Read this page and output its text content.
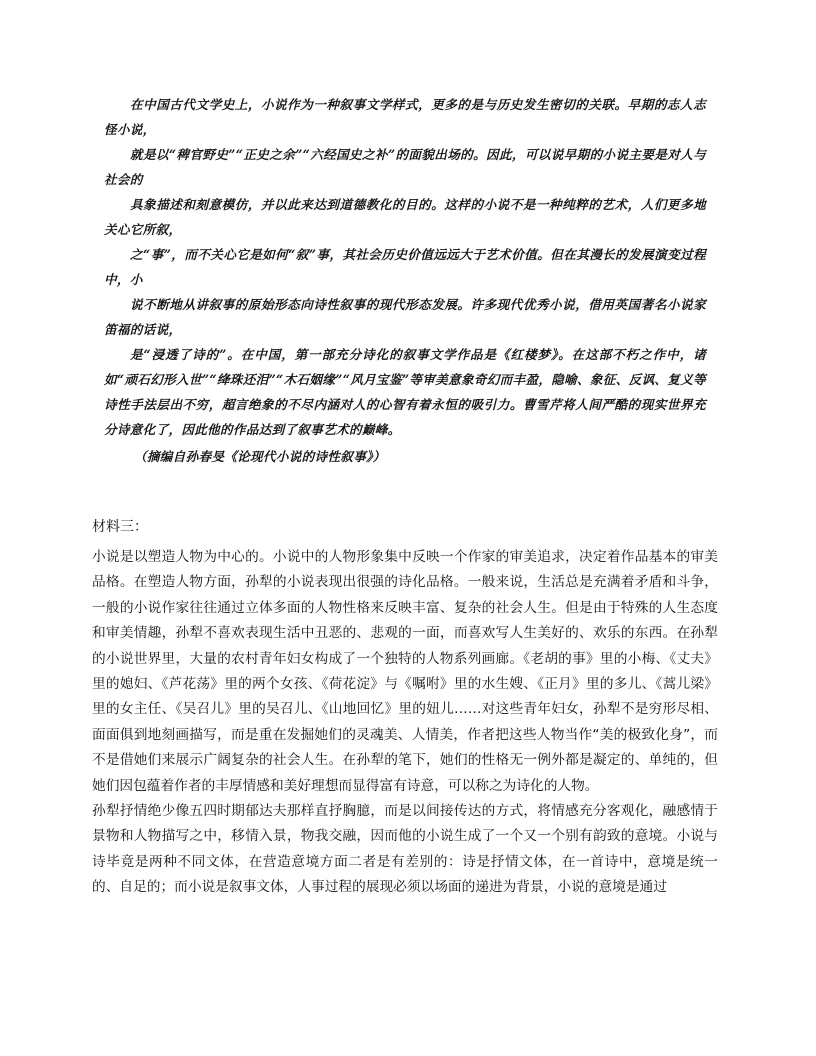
在中国古代文学史上，小说作为一种叙事文学样式，更多的是与历史发生密切的关联。早期的志人志怪小说，

就是以“稗官野史”“正史之余”“六经国史之补”的面貌出场的。因此，可以说早期的小说主要是对人与社会的

具象描述和刻意模仿，并以此来达到道德教化的目的。这样的小说不是一种纯粹的艺术，人们更多地关心它所叙，

之“事”，而不关心它是如何“叙”事，其社会历史价值远远大于艺术价值。但在其漫长的发展演变过程中，小

说不断地从讲叙事的原始形态向诗性叙事的现代形态发展。许多现代优秀小说，借用英国著名小说家笛福的话说，

是“浸透了诗的”。在中国，第一部充分诗化的叙事文学作品是《红楼梦》。在这部不朽之作中，诸如“顽石幻形入世”“绛珠还泪”“木石姻缘”“风月宝鉴”等审美意象奇幻而丰盈，隐喻、象征、反讽、复义等诗性手法层出不穷，超言绝象的不尽内涵对人的心智有着永恒的吸引力。曹雪芹将人间严酷的现实世界充分诗意化了，因此他的作品达到了叙事艺术的巅峰。

（摘编自孙春旻《论现代小说的诗性叙事》）

材料三：

小说是以塑造人物为中心的。小说中的人物形象集中反映一个作家的审美追求，决定着作品基本的审美品格。在塑造人物方面，孙犁的小说表现出很强的诗化品格。一般来说，生活总是充满着矛盾和斗争，一般的小说作家往往通过立体多面的人物性格来反映丰富、复杂的社会人生。但是由于特殊的人生态度和审美情趣，孙犁不喜欢表现生活中丑恶的、悲观的一面，而喜欢写人生美好的、欢乐的东西。在孙犁的小说世界里，大量的农村青年妇女构成了一个独特的人物系列画廊。《老胡的事》里的小梅、《丈夫》里的媳妇、《芦花荡》里的两个女孩、《荷花淀》与《嘱咐》里的水生嫂、《正月》里的多儿、《蒿儿梁》里的女主任、《吴召儿》里的吴召儿、《山地回忆》里的妞儿……对这些青年妇女，孙犁不是穷形尽相、面面俱到地刻画描写，而是重在发掘她们的灵魂美、人情美，作者把这些人物当作“美的极致化身”，而不是借她们来展示广阔复杂的社会人生。在孙犁的笔下，她们的性格无一例外都是凝定的、单纯的，但她们因包蕴着作者的丰厚情感和美好理想而显得富有诗意，可以称之为诗化的人物。

孙犁抒情绝少像五四时期郁达夫那样直抒胸臆，而是以间接传达的方式，将情感充分客观化，融感情于景物和人物描写之中，移情入景，物我交融，因而他的小说生成了一个又一个别有韵致的意境。小说与诗毕竟是两种不同文体，在营造意境方面二者是有差别的：诗是抒情文体，在一首诗中，意境是统一的、自足的；而小说是叙事文体，人事过程的展现必须以场面的递进为背景，小说的意境是通过
